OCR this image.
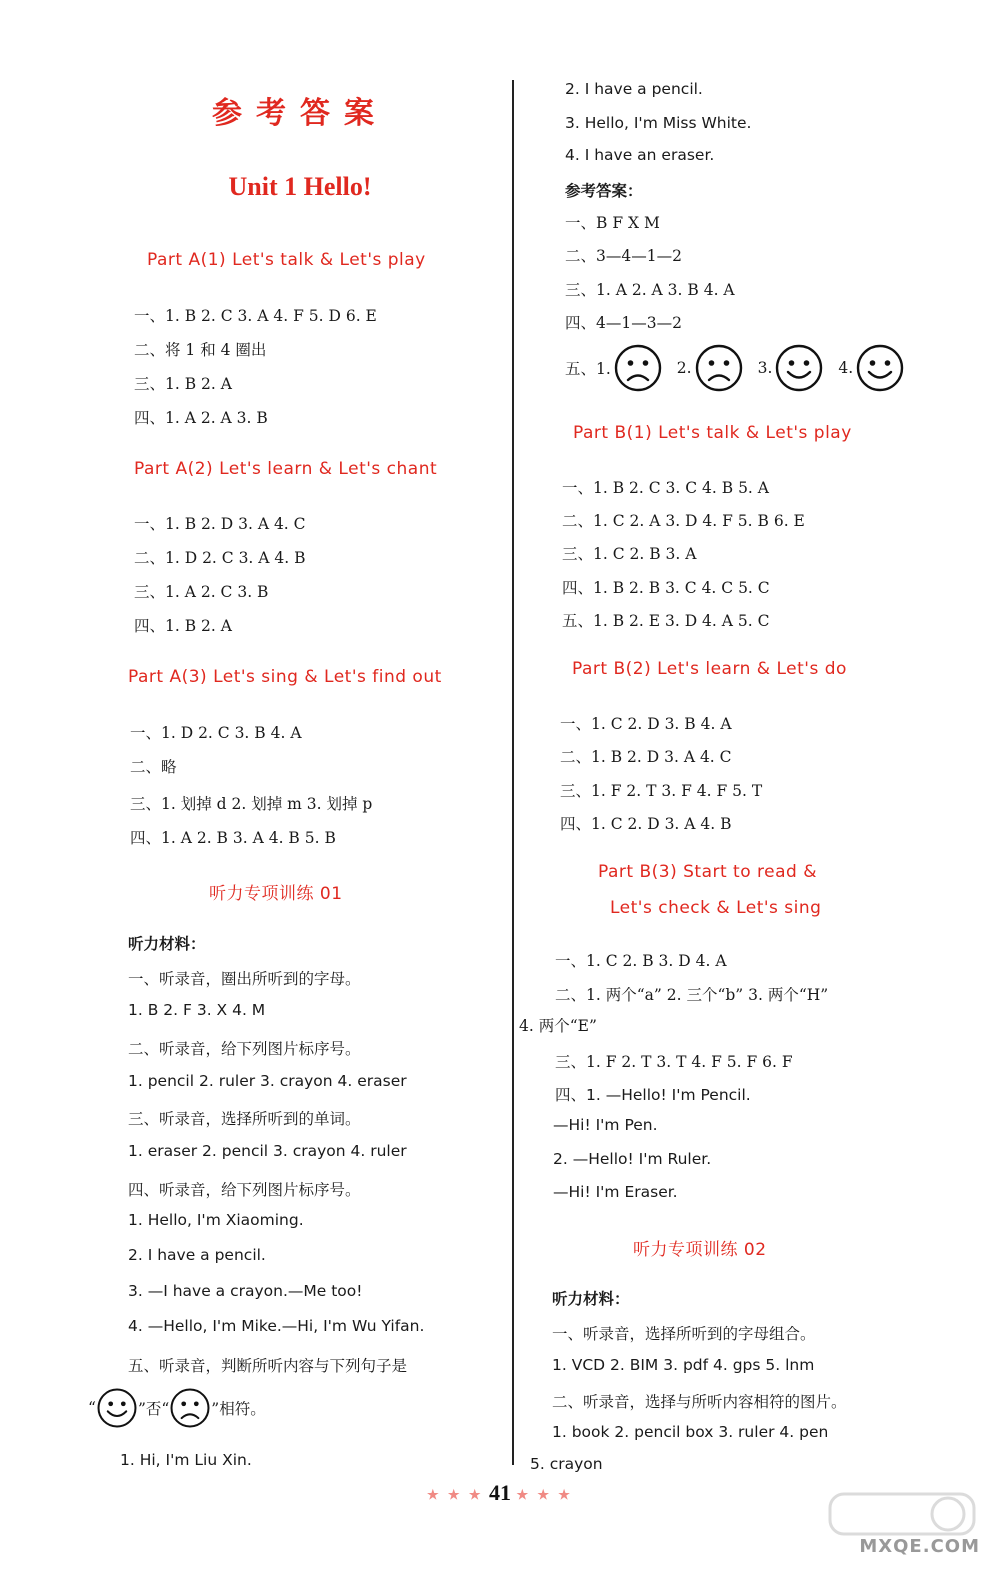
参考答案
Unit 1 Hello!
Part A(1) Let's talk & Let's play
一、1. B 2. C 3. A 4. F 5. D 6. E
二、将 1 和 4 圈出
三、1. B 2. A
四、1. A 2. A 3. B
Part A(2) Let's learn & Let's chant
一、1. B 2. D 3. A 4. C
二、1. D 2. C 3. A 4. B
三、1. A 2. C 3. B
四、1. B 2. A
Part A(3) Let's sing & Let's find out
一、1. D 2. C 3. B 4. A
二、略
三、1. 划掉 d 2. 划掉 m 3. 划掉 p
四、1. A 2. B 3. A 4. B 5. B
听力专项训练 01
听力材料：
一、听录音，圈出所听到的字母。
1. B 2. F 3. X 4. M
二、听录音，给下列图片标序号。
1. pencil 2. ruler 3. crayon 4. eraser
三、听录音，选择所听到的单词。
1. eraser 2. pencil 3. crayon 4. ruler
四、听录音，给下列图片标序号。
1. Hello, I'm Xiaoming.
2. I have a pencil.
3. —I have a crayon.—Me too!
4. —Hello, I'm Mike.—Hi, I'm Wu Yifan.
五、听录音，判断所听内容与下列句子是
“	”否“	”相符。
1. Hi, I'm Liu Xin.
2. I have a pencil.
3. Hello, I'm Miss White.
4. I have an eraser.
参考答案：
一、B F X M
二、3—4—1—2
三、1. A 2. A 3. B 4. A
四、4—1—3—2
五、1.	2.	3.	4.
Part B(1) Let's talk & Let's play
一、1. B 2. C 3. C 4. B 5. A
二、1. C 2. A 3. D 4. F 5. B 6. E
三、1. C 2. B 3. A
四、1. B 2. B 3. C 4. C 5. C
五、1. B 2. E 3. D 4. A 5. C
Part B(2) Let's learn & Let's do
一、1. C 2. D 3. B 4. A
二、1. B 2. D 3. A 4. C
三、1. F 2. T 3. F 4. F 5. T
四、1. C 2. D 3. A 4. B
Part B(3) Start to read &
Let's check & Let's sing
一、1. C 2. B 3. D 4. A
二、1. 两个“a” 2. 三个“b” 3. 两个“H”
4. 两个“E”
三、1. F 2. T 3. T 4. F 5. F 6. F
四、1. —Hello! I'm Pencil.
—Hi! I'm Pen.
2. —Hello! I'm Ruler.
—Hi! I'm Eraser.
听力专项训练 02
听力材料：
一、听录音，选择所听到的字母组合。
1. VCD 2. BIM 3. pdf 4. gps 5. lnm
二、听录音，选择与所听内容相符的图片。
1. book 2. pencil box 3. ruler 4. pen
5. crayon
★ ★ ★ 41 ★ ★ ★
MXQE.COM
